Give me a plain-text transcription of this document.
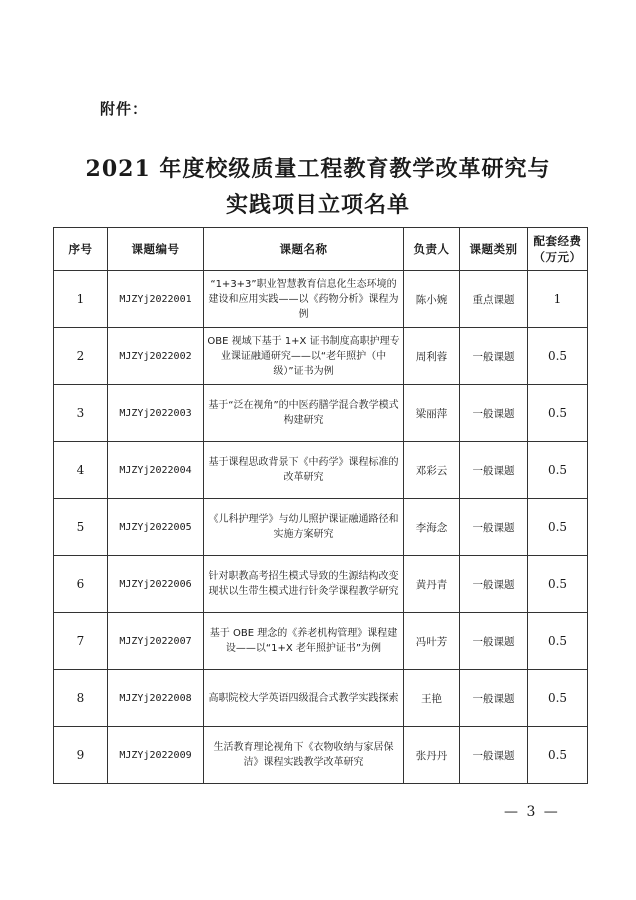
附件：
2021 年度校级质量工程教育教学改革研究与
实践项目立项名单
序号	课题编号	课题名称	负责人	课题类别	配套经费（万元）
1	MJZYj2022001	“1+3+3”职业智慧教育信息化生态环境的建设和应用实践——以《药物分析》课程为例	陈小婉	重点课题	1
2	MJZYj2022002	OBE 视域下基于 1+X 证书制度高职护理专业课证融通研究——以“老年照护（中级）”证书为例	周利蓉	一般课题	0.5
3	MJZYj2022003	基于“泛在视角”的中医药膳学混合教学模式构建研究	梁丽萍	一般课题	0.5
4	MJZYj2022004	基于课程思政背景下《中药学》课程标准的改革研究	邓彩云	一般课题	0.5
5	MJZYj2022005	《儿科护理学》与幼儿照护课证融通路径和实施方案研究	李海念	一般课题	0.5
6	MJZYj2022006	针对职教高考招生模式导致的生源结构改变现状以生带生模式进行针灸学课程教学研究	黄丹青	一般课题	0.5
7	MJZYj2022007	基于 OBE 理念的《养老机构管理》课程建设——以“1+X 老年照护证书”为例	冯叶芳	一般课题	0.5
8	MJZYj2022008	高职院校大学英语四级混合式教学实践探索	王艳	一般课题	0.5
9	MJZYj2022009	生活教育理论视角下《衣物收纳与家居保洁》课程实践教学改革研究	张丹丹	一般课题	0.5
— 3 —
